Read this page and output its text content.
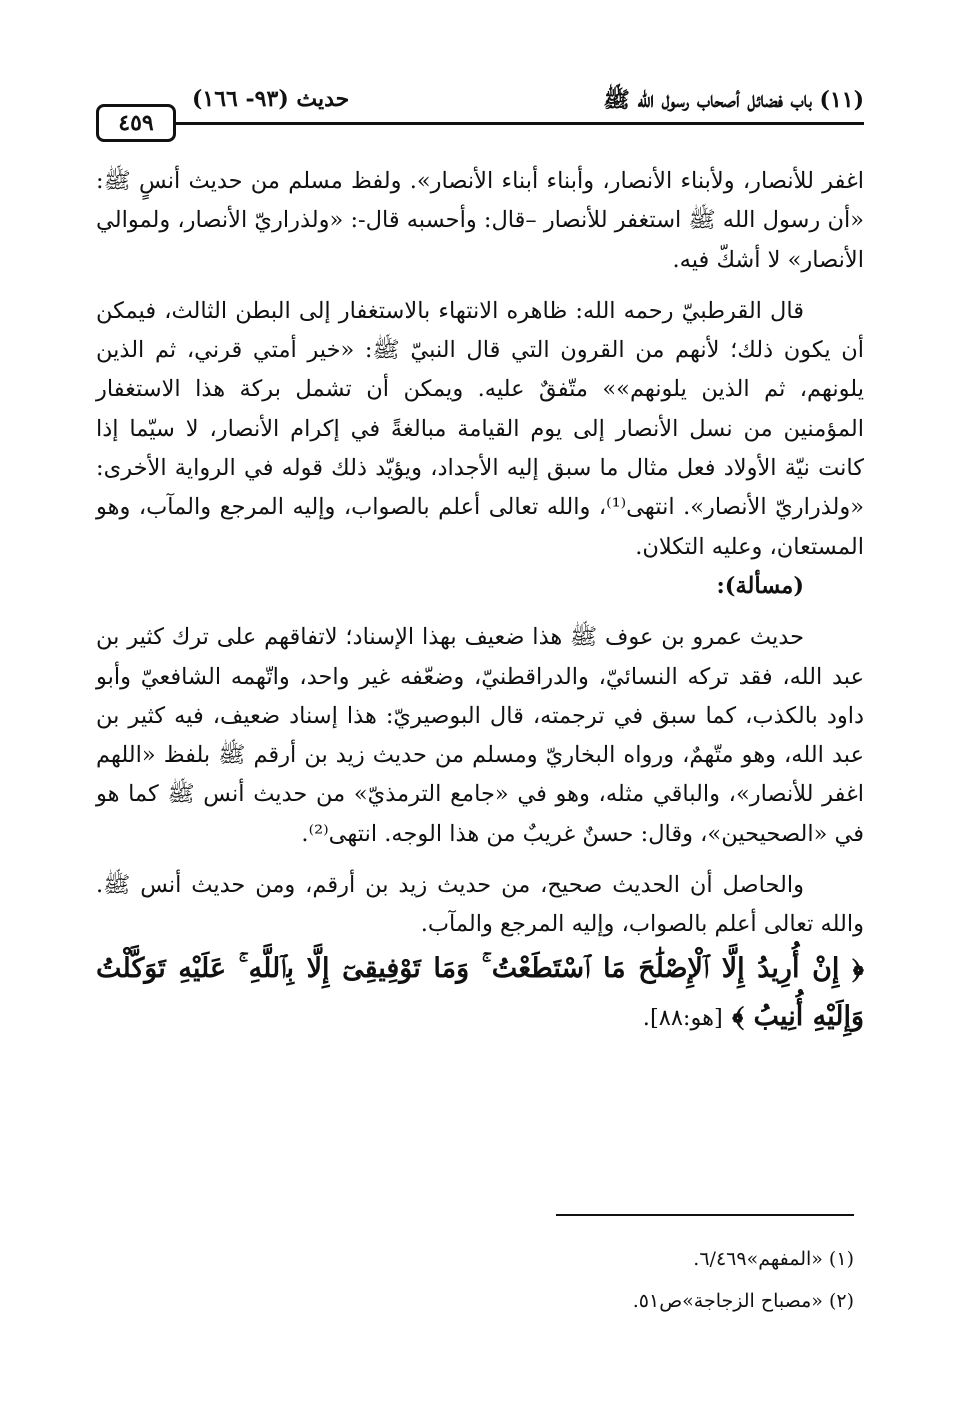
(١١) باب فضائل أصحاب رسول الله ﷺ
حديث (٩٣- ١٦٦)
٤٥٩

اغفر للأنصار، ولأبناء الأنصار، وأبناء أبناء الأنصار». ولفظ مسلم من حديث أنسٍ ﷺ: «أن رسول الله ﷺ استغفر للأنصار –قال: وأحسبه قال-: «ولذراريّ الأنصار، ولموالي الأنصار» لا أشكّ فيه.

قال القرطبيّ رحمه الله: ظاهره الانتهاء بالاستغفار إلى البطن الثالث، فيمكن أن يكون ذلك؛ لأنهم من القرون التي قال النبيّ ﷺ: «خير أمتي قرني، ثم الذين يلونهم، ثم الذين يلونهم»» متّفقٌ عليه. ويمكن أن تشمل بركة هذا الاستغفار المؤمنين من نسل الأنصار إلى يوم القيامة مبالغةً في إكرام الأنصار، لا سيّما إذا كانت نيّة الأولاد فعل مثال ما سبق إليه الأجداد، ويؤيّد ذلك قوله في الرواية الأخرى: «ولذراريّ الأنصار». انتهى⁽¹⁾، والله تعالى أعلم بالصواب، وإليه المرجع والمآب، وهو المستعان، وعليه التكلان.

(مسألة):

حديث عمرو بن عوف ﷺ هذا ضعيف بهذا الإسناد؛ لاتفاقهم على ترك كثير بن عبد الله، فقد تركه النسائيّ، والدراقطنيّ، وضعّفه غير واحد، واتّهمه الشافعيّ وأبو داود بالكذب، كما سبق في ترجمته، قال البوصيريّ: هذا إسناد ضعيف، فيه كثير بن عبد الله، وهو متّهمٌ، ورواه البخاريّ ومسلم من حديث زيد بن أرقم ﷺ بلفظ «اللهم اغفر للأنصار»، والباقي مثله، وهو في «جامع الترمذيّ» من حديث أنس ﷺ كما هو في «الصحيحين»، وقال: حسنٌ غريبٌ من هذا الوجه. انتهى⁽²⁾.

والحاصل أن الحديث صحيح، من حديث زيد بن أرقم، ومن حديث أنس ﷺ. والله تعالى أعلم بالصواب، وإليه المرجع والمآب.

﴿ إِنْ أُرِيدُ إِلَّا ٱلْإِصْلَٰحَ مَا ٱسْتَطَعْتُ ۚ وَمَا تَوْفِيقِىٓ إِلَّا بِٱللَّهِ ۚ عَلَيْهِ تَوَكَّلْتُ وَإِلَيْهِ أُنِيبُ ﴾ [هو:٨٨].

(١) «المفهم»٦/٤٦٩.

(٢) «مصباح الزجاجة»ص٥١.
